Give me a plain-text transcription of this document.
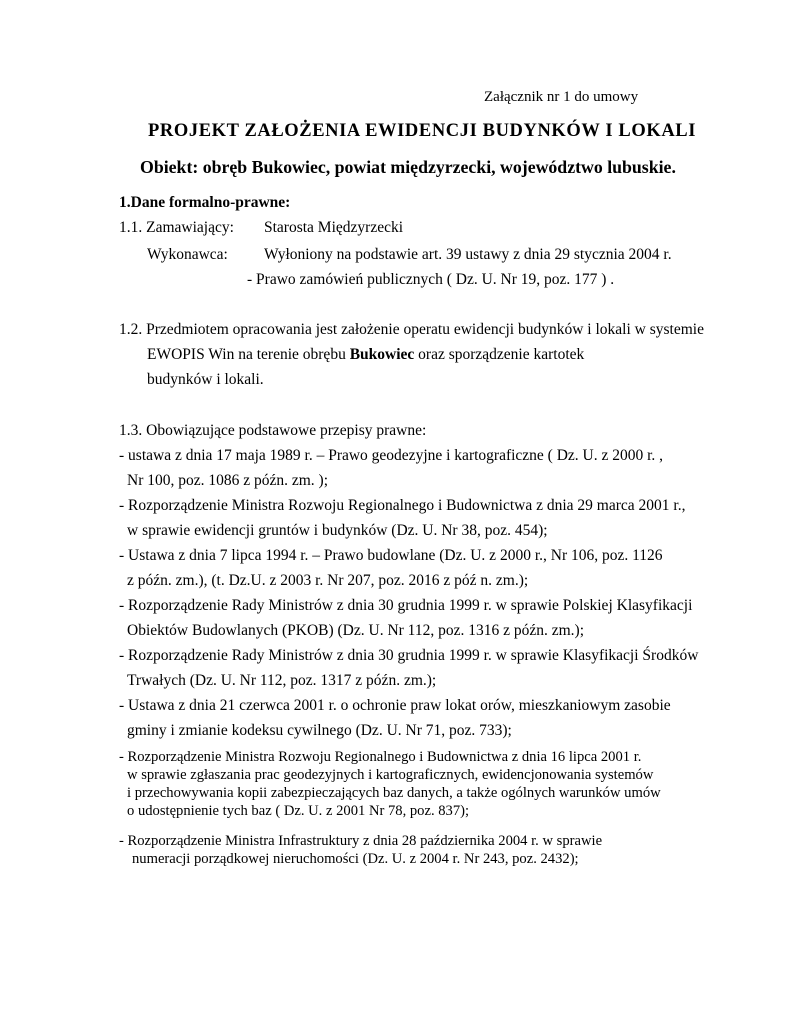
Załącznik nr 1 do umowy
PROJEKT ZAŁOŻENIA EWIDENCJI BUDYNKÓW I LOKALI
Obiekt: obręb Bukowiec, powiat międzyrzecki, województwo lubuskie.
1.Dane formalno-prawne:
1.1. Zamawiający: Starosta Międzyrzecki
Wykonawca: Wyłoniony na podstawie art. 39 ustawy z dnia 29 stycznia 2004 r.
- Prawo zamówień publicznych ( Dz. U. Nr 19, poz. 177 ) .
1.2. Przedmiotem opracowania jest założenie operatu ewidencji budynków i lokali w systemie
EWOPIS Win na terenie obrębu Bukowiec oraz sporządzenie kartotek
budynków i lokali.
1.3. Obowiązujące podstawowe przepisy prawne:
- ustawa z dnia 17 maja 1989 r. – Prawo geodezyjne i kartograficzne ( Dz. U. z 2000 r. ,
Nr 100, poz. 1086 z późn. zm. );
- Rozporządzenie Ministra Rozwoju Regionalnego i Budownictwa z dnia 29 marca 2001 r.,
w sprawie ewidencji gruntów i budynków (Dz. U. Nr 38, poz. 454);
- Ustawa z dnia 7 lipca 1994 r. – Prawo budowlane (Dz. U. z 2000 r., Nr 106, poz. 1126
z późn. zm.), (t. Dz.U. z 2003 r. Nr 207, poz. 2016 z póź n. zm.);
- Rozporządzenie Rady Ministrów z dnia 30 grudnia 1999 r. w sprawie Polskiej Klasyfikacji
Obiektów Budowlanych (PKOB) (Dz. U. Nr 112, poz. 1316 z późn. zm.);
- Rozporządzenie Rady Ministrów z dnia 30 grudnia 1999 r. w sprawie Klasyfikacji Środków
Trwałych (Dz. U. Nr 112, poz. 1317 z późn. zm.);
- Ustawa z dnia 21 czerwca 2001 r. o ochronie praw lokat orów, mieszkaniowym zasobie
gminy i zmianie kodeksu cywilnego (Dz. U. Nr 71, poz. 733);
- Rozporządzenie Ministra Rozwoju Regionalnego i Budownictwa z dnia 16 lipca 2001 r.
w sprawie zgłaszania prac geodezyjnych i kartograficznych, ewidencjonowania systemów
i przechowywania kopii zabezpieczających baz danych, a także ogólnych warunków umów
o udostępnienie tych baz ( Dz. U. z 2001 Nr 78, poz. 837);
- Rozporządzenie Ministra Infrastruktury z dnia 28 października 2004 r. w sprawie
numeracji porządkowej nieruchomości (Dz. U. z 2004 r. Nr 243, poz. 2432);
